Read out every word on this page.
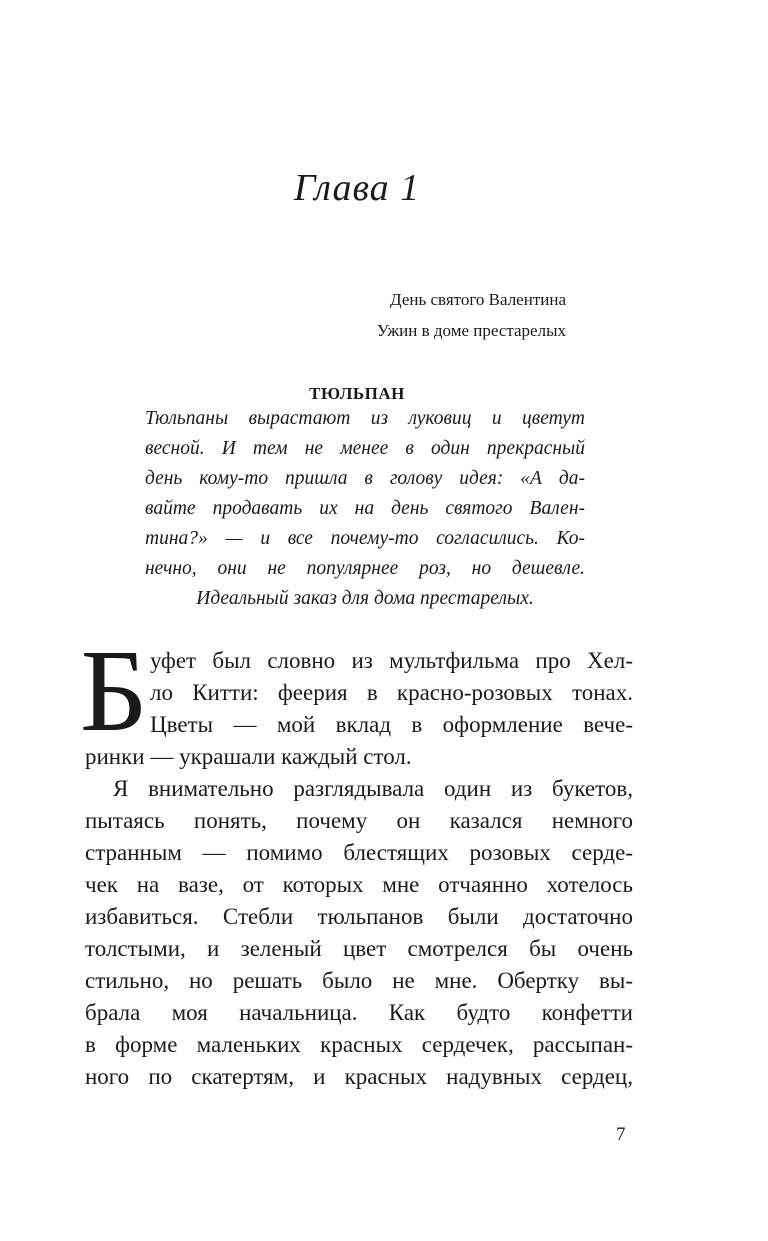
Глава 1
День святого Валентина
Ужин в доме престарелых
ТЮЛЬПАН
Тюльпаны вырастают из луковиц и цветут
весной. И тем не менее в один прекрасный
день кому-то пришла в голову идея: «А да-
вайте продавать их на день святого Вален-
тина?» — и все почему-то согласились. Ко-
нечно, они не популярнее роз, но дешевле.
Идеальный заказ для дома престарелых.
Б уфет был словно из мультфильма про Хел-
ло Китти: феерия в красно-розовых тонах.
Цветы — мой вклад в оформление вече-
ринки — украшали каждый стол.
Я внимательно разглядывала один из букетов,
пытаясь понять, почему он казался немного
странным — помимо блестящих розовых серде-
чек на вазе, от которых мне отчаянно хотелось
избавиться. Стебли тюльпанов были достаточно
толстыми, и зеленый цвет смотрелся бы очень
стильно, но решать было не мне. Обертку вы-
брала моя начальница. Как будто конфетти
в форме маленьких красных сердечек, рассыпан-
ного по скатертям, и красных надувных сердец,
7
